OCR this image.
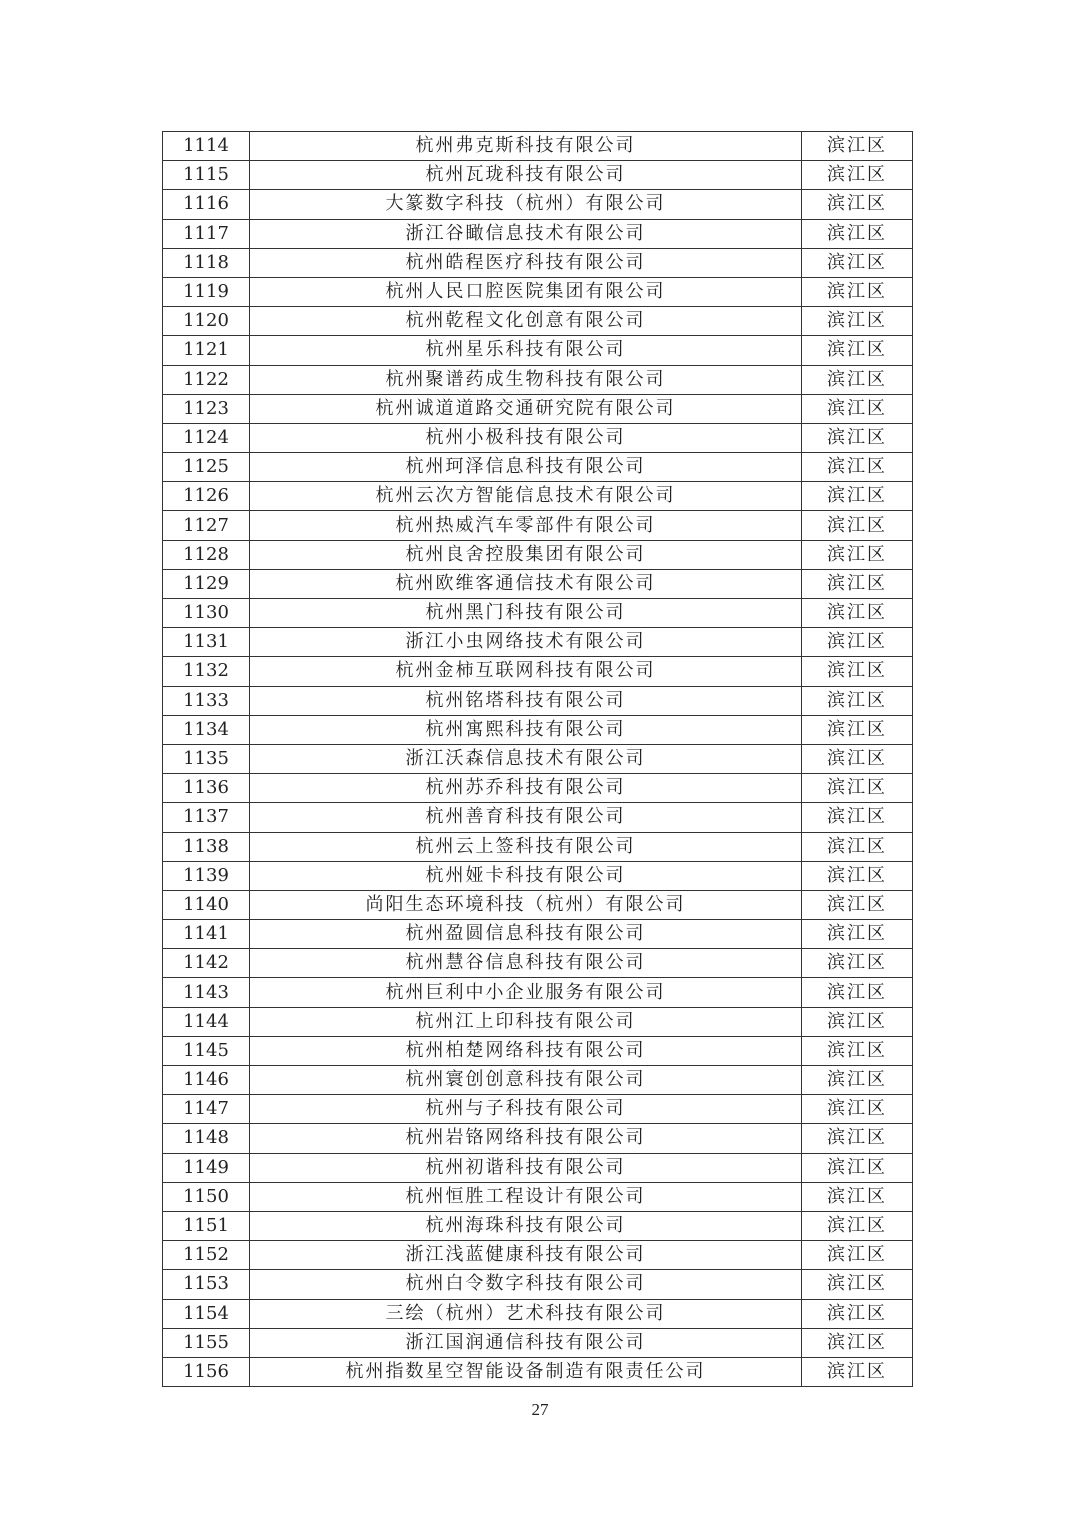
1114	杭州弗克斯科技有限公司	滨江区
1115	杭州瓦珑科技有限公司	滨江区
1116	大篆数字科技（杭州）有限公司	滨江区
1117	浙江谷瞰信息技术有限公司	滨江区
1118	杭州皓程医疗科技有限公司	滨江区
1119	杭州人民口腔医院集团有限公司	滨江区
1120	杭州乾程文化创意有限公司	滨江区
1121	杭州星乐科技有限公司	滨江区
1122	杭州聚谱药成生物科技有限公司	滨江区
1123	杭州诚道道路交通研究院有限公司	滨江区
1124	杭州小极科技有限公司	滨江区
1125	杭州珂泽信息科技有限公司	滨江区
1126	杭州云次方智能信息技术有限公司	滨江区
1127	杭州热威汽车零部件有限公司	滨江区
1128	杭州良舍控股集团有限公司	滨江区
1129	杭州欧维客通信技术有限公司	滨江区
1130	杭州黑门科技有限公司	滨江区
1131	浙江小虫网络技术有限公司	滨江区
1132	杭州金柿互联网科技有限公司	滨江区
1133	杭州铭塔科技有限公司	滨江区
1134	杭州寓熙科技有限公司	滨江区
1135	浙江沃森信息技术有限公司	滨江区
1136	杭州苏乔科技有限公司	滨江区
1137	杭州善育科技有限公司	滨江区
1138	杭州云上签科技有限公司	滨江区
1139	杭州娅卡科技有限公司	滨江区
1140	尚阳生态环境科技（杭州）有限公司	滨江区
1141	杭州盈圆信息科技有限公司	滨江区
1142	杭州慧谷信息科技有限公司	滨江区
1143	杭州巨利中小企业服务有限公司	滨江区
1144	杭州江上印科技有限公司	滨江区
1145	杭州柏楚网络科技有限公司	滨江区
1146	杭州寰创创意科技有限公司	滨江区
1147	杭州与子科技有限公司	滨江区
1148	杭州岩铬网络科技有限公司	滨江区
1149	杭州初谐科技有限公司	滨江区
1150	杭州恒胜工程设计有限公司	滨江区
1151	杭州海珠科技有限公司	滨江区
1152	浙江浅蓝健康科技有限公司	滨江区
1153	杭州白令数字科技有限公司	滨江区
1154	三绘（杭州）艺术科技有限公司	滨江区
1155	浙江国润通信科技有限公司	滨江区
1156	杭州指数星空智能设备制造有限责任公司	滨江区
27
